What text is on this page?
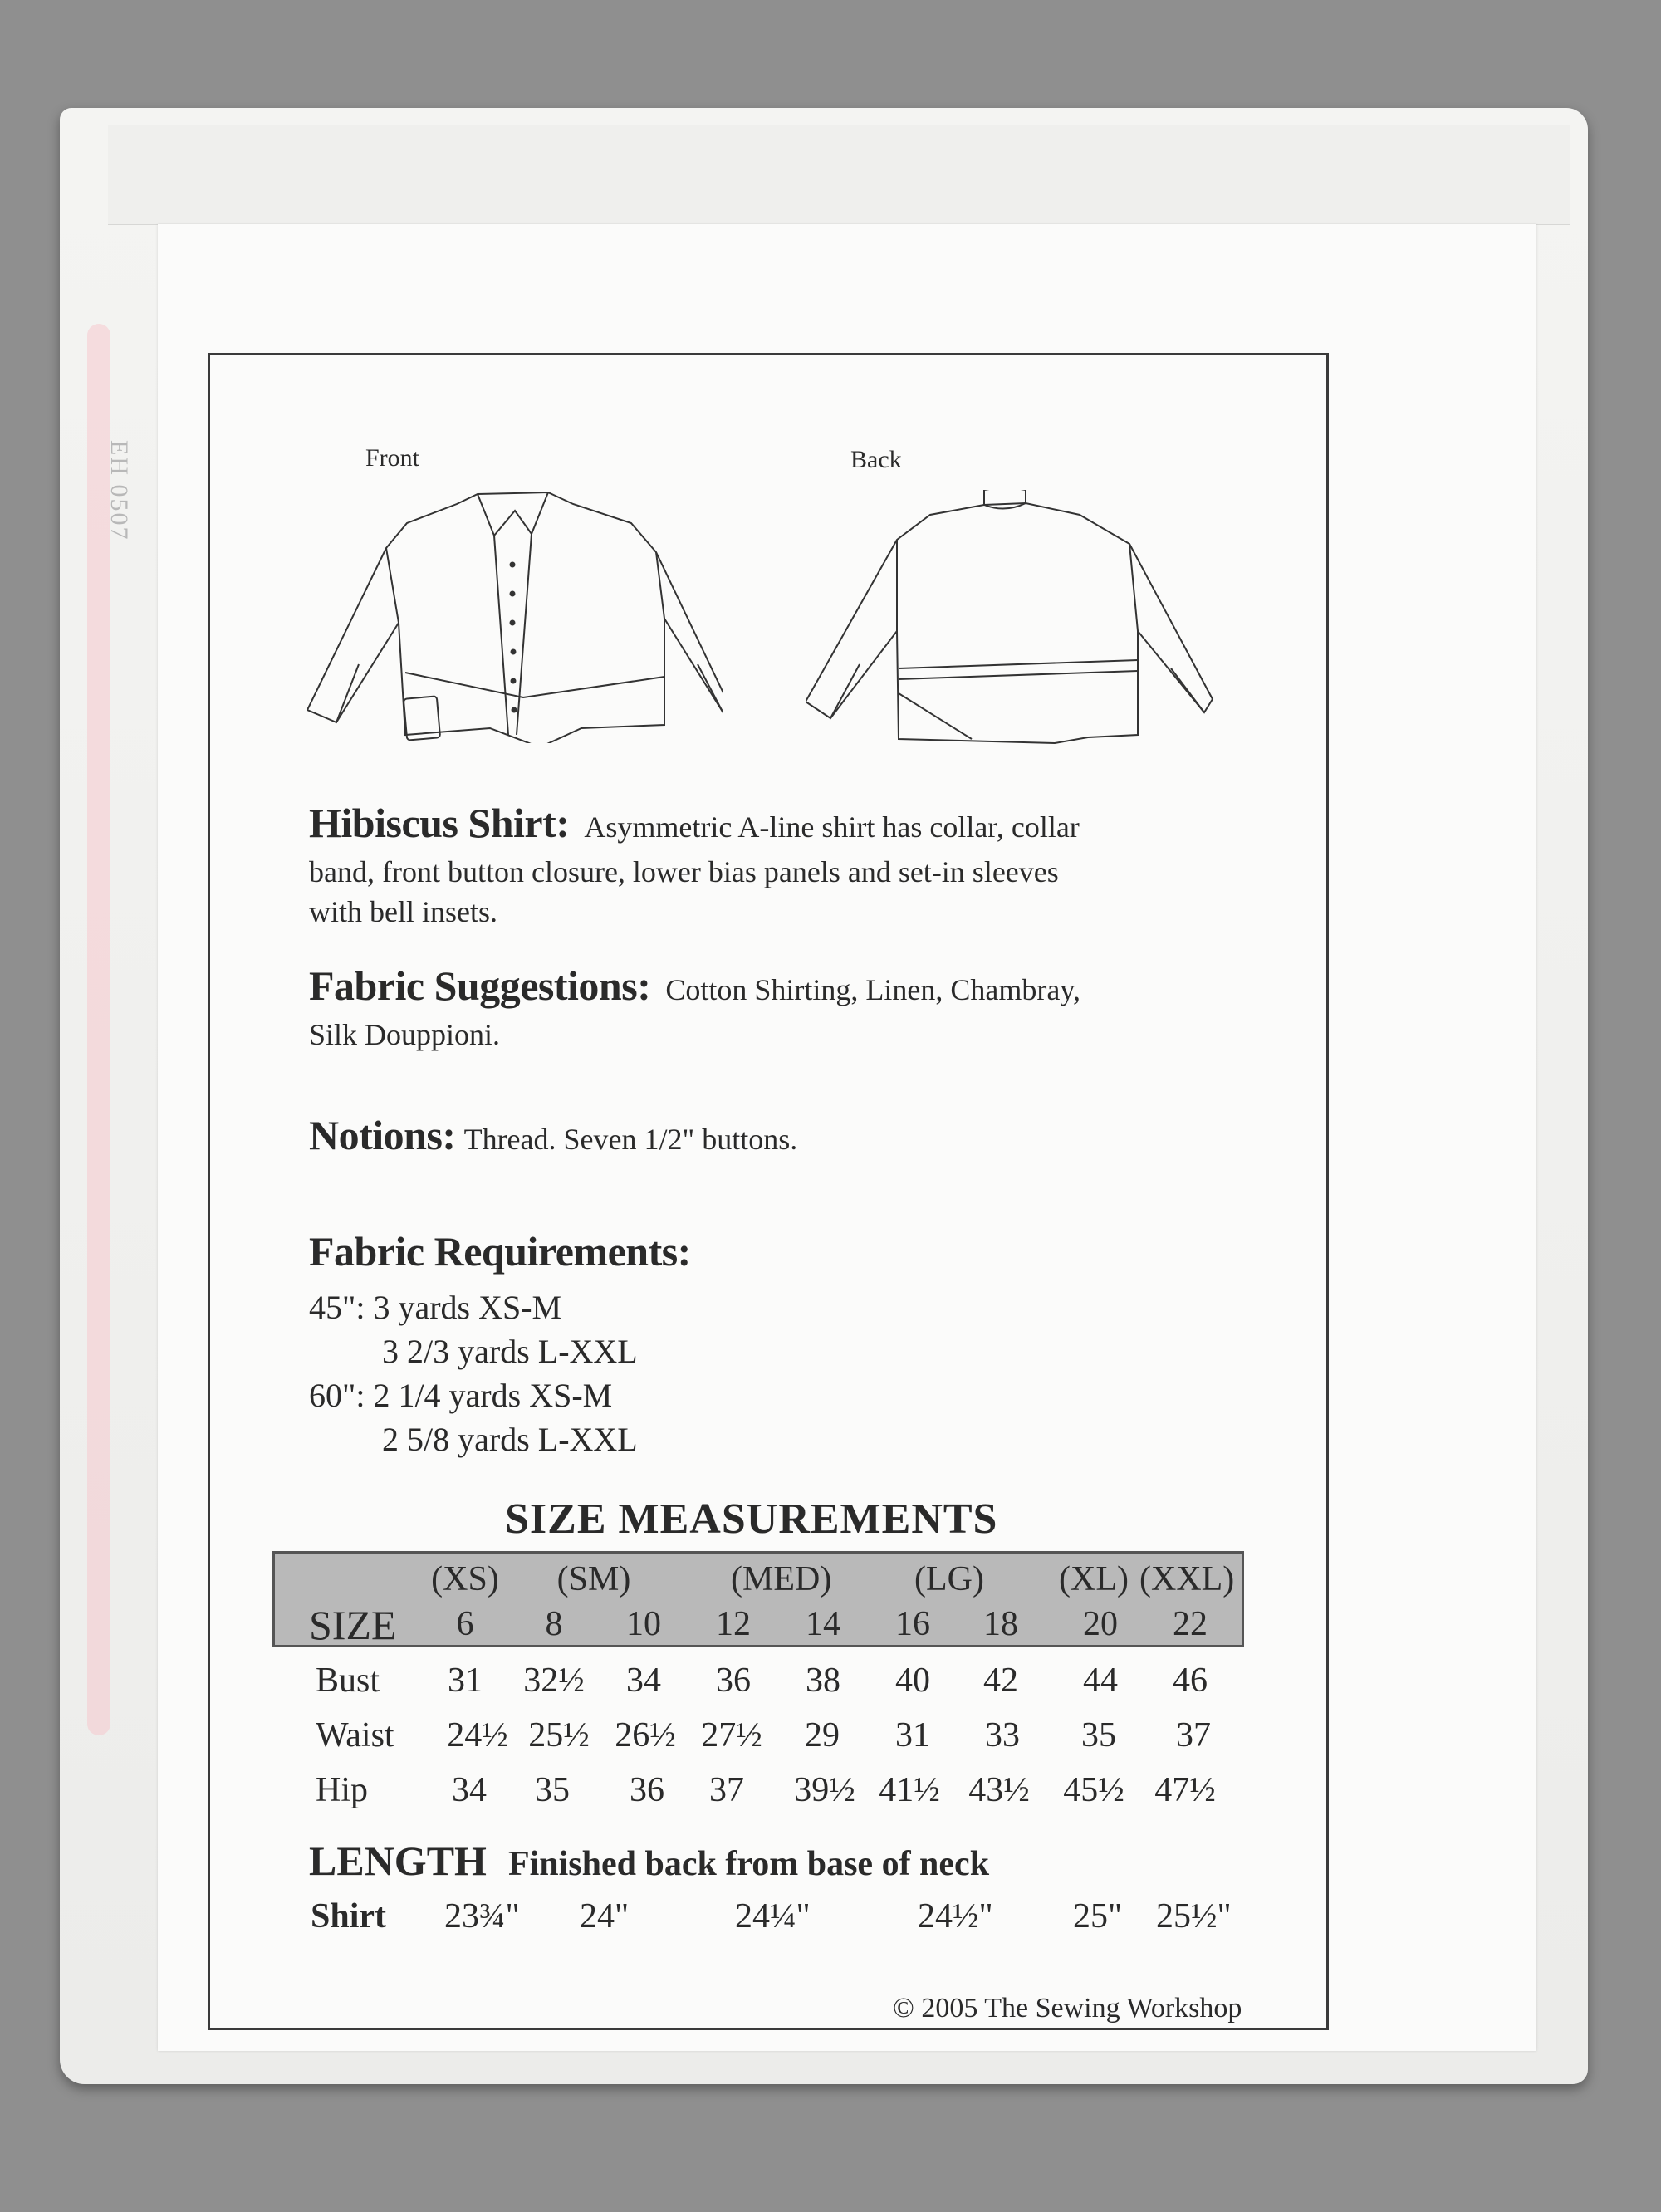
EH 0507	Front	Back
Hibiscus Shirt: Asymmetric A-line shirt has collar, collar
band, front button closure, lower bias panels and set-in sleeves
with bell insets.
Fabric Suggestions: Cotton Shirting, Linen, Chambray,
Silk Douppioni.
Notions: Thread. Seven 1/2" buttons.
Fabric Requirements:
45": 3 yards XS-M
3 2/3 yards L-XXL
60": 2 1/4 yards XS-M
2 5/8 yards L-XXL
SIZE MEASUREMENTS
(XS)	(SM)	(MED)	(LG)	(XL) (XXL)
SIZE	6	8	10	12	14	16	18	20	22
Bust	31	32½	34	36	38	40	42	44	46
Waist	24½ 25½ 26½ 27½	29	31	33	35	37
Hip	34	35	36	37	39½ 41½ 43½ 45½ 47½
LENGTH Finished back from base of neck
Shirt 23¾" 24"	24¼"	24½" 25" 25½"
© 2005 The Sewing Workshop
